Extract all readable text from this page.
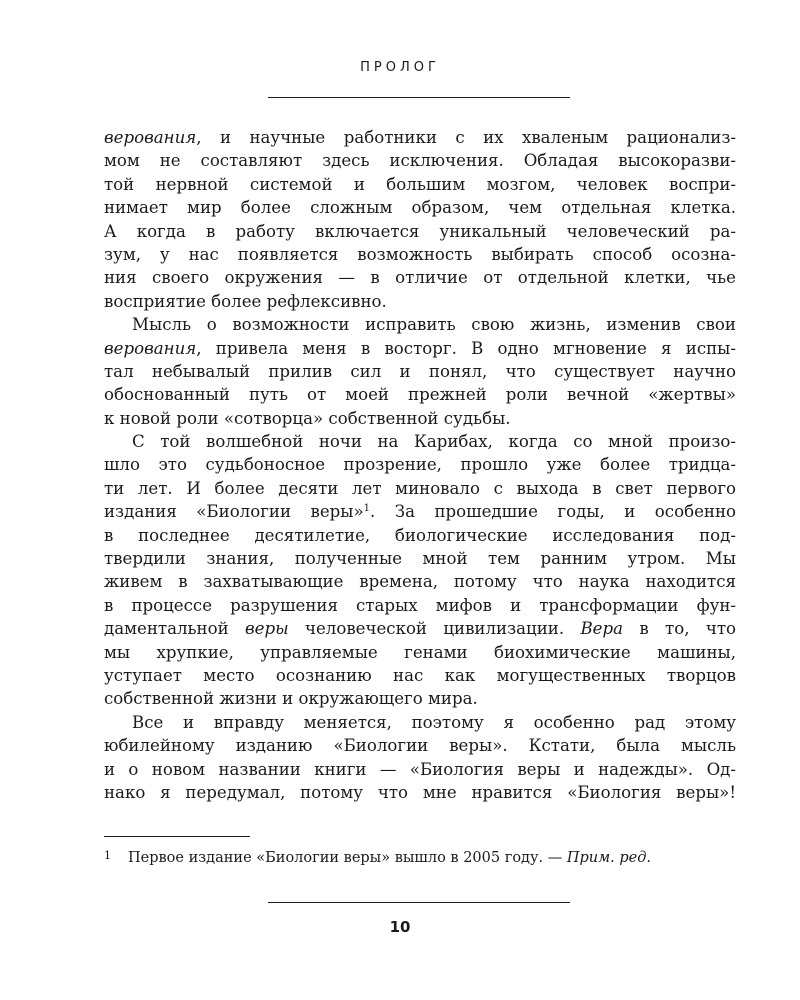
ПРОЛОГ
верования, и научные работники с их хваленым рационализ-
мом не составляют здесь исключения. Обладая высокоразви-
той нервной системой и большим мозгом, человек воспри-
нимает мир более сложным образом, чем отдельная клетка.
А когда в работу включается уникальный человеческий ра-
зум, у нас появляется возможность выбирать способ осозна-
ния своего окружения — в отличие от отдельной клетки, чье
восприятие более рефлексивно.
Мысль о возможности исправить свою жизнь, изменив свои
верования, привела меня в восторг. В одно мгновение я испы-
тал небывалый прилив сил и понял, что существует научно
обоснованный путь от моей прежней роли вечной «жертвы»
к новой роли «сотворца» собственной судьбы.
С той волшебной ночи на Карибах, когда со мной произо-
шло это судьбоносное прозрение, прошло уже более тридца-
ти лет. И более десяти лет миновало с выхода в свет первого
издания «Биологии веры»$^1$. За прошедшие годы, и особенно
в последнее десятилетие, биологические исследования под-
твердили знания, полученные мной тем ранним утром. Мы
живем в захватывающие времена, потому что наука находится
в процессе разрушения старых мифов и трансформации фун-
даментальной веры человеческой цивилизации. Вера в то, что
мы хрупкие, управляемые генами биохимические машины,
уступает место осознанию нас как могущественных творцов
собственной жизни и окружающего мира.
Все и вправду меняется, поэтому я особенно рад этому
юбилейному изданию «Биологии веры». Кстати, была мысль
и о новом названии книги — «Биология веры и надежды». Од-
нако я передумал, потому что мне нравится «Биология веры»!
1 Первое издание «Биологии веры» вышло в 2005 году. — Прим. ред.
10
